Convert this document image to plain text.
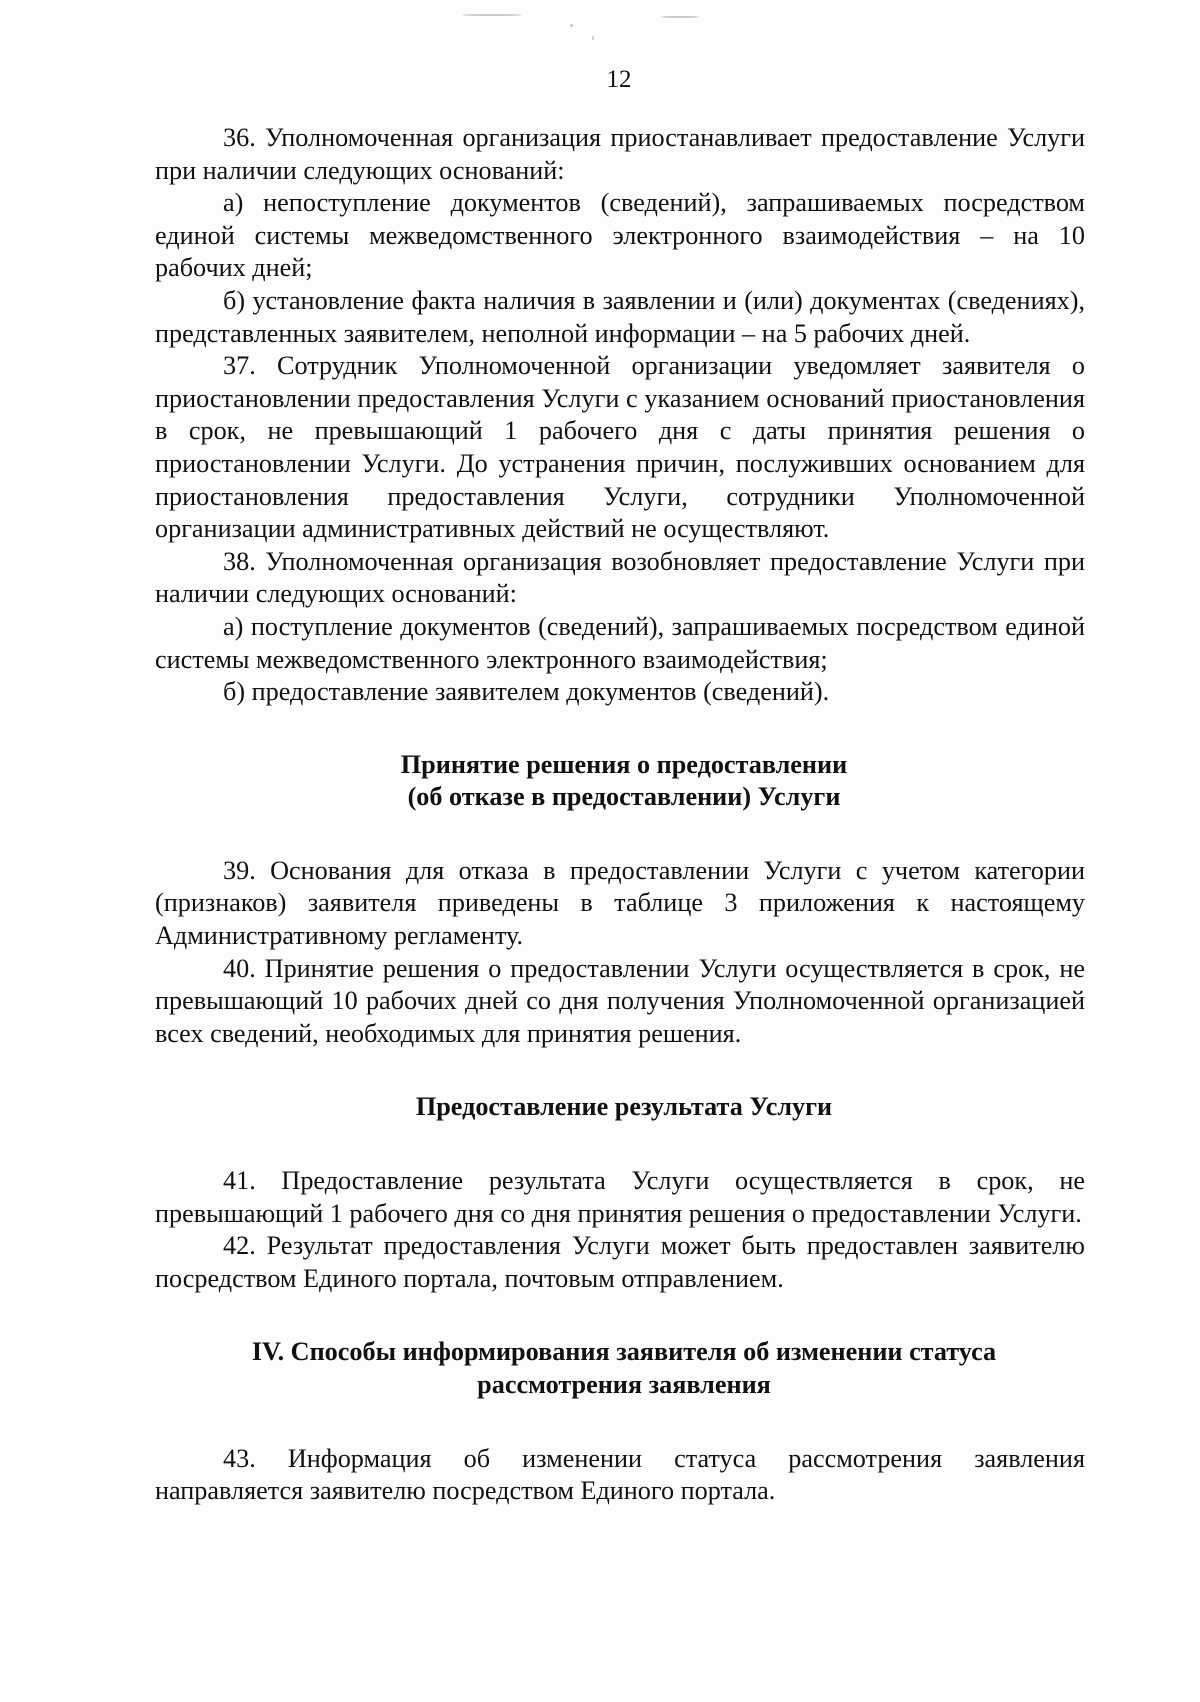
12

36. Уполномоченная организация приостанавливает предоставление Услуги при наличии следующих оснований:

а) непоступление документов (сведений), запрашиваемых посредством единой системы межведомственного электронного взаимодействия – на 10 рабочих дней;

б) установление факта наличия в заявлении и (или) документах (сведениях), представленных заявителем, неполной информации – на 5 рабочих дней.

37. Сотрудник Уполномоченной организации уведомляет заявителя о приостановлении предоставления Услуги с указанием оснований приостановления в срок, не превышающий 1 рабочего дня с даты принятия решения о приостановлении Услуги. До устранения причин, послуживших основанием для приостановления предоставления Услуги, сотрудники Уполномоченной организации административных действий не осуществляют.

38. Уполномоченная организация возобновляет предоставление Услуги при наличии следующих оснований:

а) поступление документов (сведений), запрашиваемых посредством единой системы межведомственного электронного взаимодействия;

б) предоставление заявителем документов (сведений).

Принятие решения о предоставлении
(об отказе в предоставлении) Услуги

39. Основания для отказа в предоставлении Услуги с учетом категории (признаков) заявителя приведены в таблице 3 приложения к настоящему Административному регламенту.

40. Принятие решения о предоставлении Услуги осуществляется в срок, не превышающий 10 рабочих дней со дня получения Уполномоченной организацией всех сведений, необходимых для принятия решения.

Предоставление результата Услуги

41. Предоставление результата Услуги осуществляется в срок, не превышающий 1 рабочего дня со дня принятия решения о предоставлении Услуги.

42. Результат предоставления Услуги может быть предоставлен заявителю посредством Единого портала, почтовым отправлением.

IV. Способы информирования заявителя об изменении статуса
рассмотрения заявления

43. Информация об изменении статуса рассмотрения заявления направляется заявителю посредством Единого портала.
